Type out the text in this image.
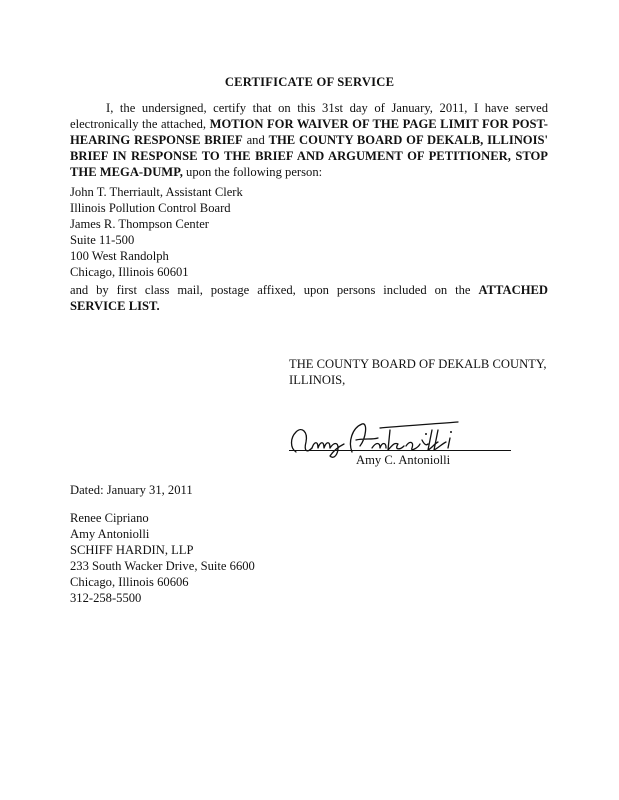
CERTIFICATE OF SERVICE

I, the undersigned, certify that on this 31st day of January, 2011, I have served electronically the attached, MOTION FOR WAIVER OF THE PAGE LIMIT FOR POST-HEARING RESPONSE BRIEF and THE COUNTY BOARD OF DEKALB, ILLINOIS' BRIEF IN RESPONSE TO THE BRIEF AND ARGUMENT OF PETITIONER, STOP THE MEGA-DUMP, upon the following person:

John T. Therriault, Assistant Clerk
Illinois Pollution Control Board
James R. Thompson Center
Suite 11-500
100 West Randolph
Chicago, Illinois 60601

and by first class mail, postage affixed, upon persons included on the ATTACHED SERVICE LIST.

THE COUNTY BOARD OF DEKALB COUNTY,
ILLINOIS,
Amy C. Antoniolli
Dated: January 31, 2011
Renee Cipriano
Amy Antoniolli
SCHIFF HARDIN, LLP
233 South Wacker Drive, Suite 6600
Chicago, Illinois 60606
312-258-5500
